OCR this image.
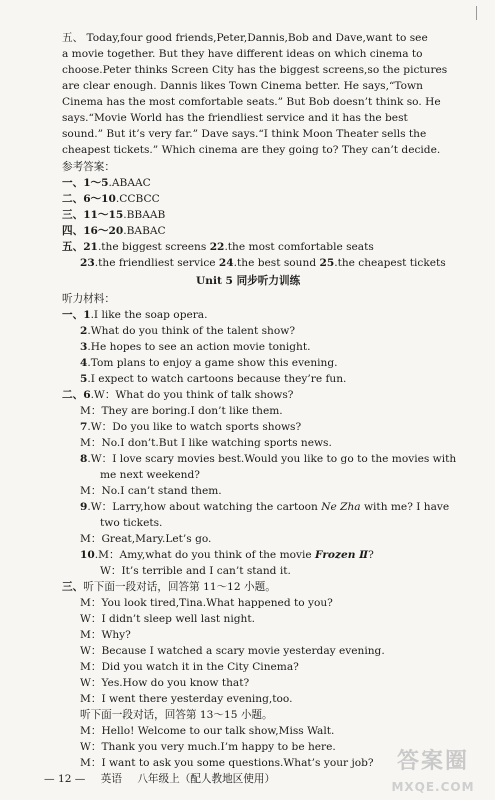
五、 Today,four good friends,Peter,Dannis,Bob and Dave,want to see
a movie together. But they have different ideas on which cinema to
choose.Peter thinks Screen City has the biggest screens,so the pictures
are clear enough. Dannis likes Town Cinema better. He says,“Town
Cinema has the most comfortable seats.” But Bob doesn’t think so. He
says.“Movie World has the friendliest service and it has the best
sound.” But it’s very far.” Dave says.“I think Moon Theater sells the
cheapest tickets.” Which cinema are they going to? They can’t decide.
参考答案：
一、1～5.ABAAC
二、6～10.CCBCC
三、11～15.BBAAB
四、16～20.BABAC
五、21.the biggest screens 22.the most comfortable seats
23.the friendliest service 24.the best sound 25.the cheapest tickets
Unit 5 同步听力训练
听力材料：
一、1.I like the soap opera.
2.What do you think of the talent show?
3.He hopes to see an action movie tonight.
4.Tom plans to enjoy a game show this evening.
5.I expect to watch cartoons because they’re fun.
二、6.W：What do you think of talk shows?
M：They are boring.I don’t like them.
7.W：Do you like to watch sports shows?
M：No.I don’t.But I like watching sports news.
8.W：I love scary movies best.Would you like to go to the movies with
me next weekend?
M：No.I can’t stand them.
9.W：Larry,how about watching the cartoon Ne Zha with me? I have
two tickets.
M：Great,Mary.Let’s go.
10.M：Amy,what do you think of the movie Frozen Ⅱ?
W：It’s terrible and I can’t stand it.
三、听下面一段对话，回答第 11～12 小题。
M：You look tired,Tina.What happened to you?
W：I didn’t sleep well last night.
M：Why?
W：Because I watched a scary movie yesterday evening.
M：Did you watch it in the City Cinema?
W：Yes.How do you know that?
M：I went there yesterday evening,too.
听下面一段对话，回答第 13～15 小题。
M：Hello! Welcome to our talk show,Miss Walt.
W：Thank you very much.I’m happy to be here.
M：I want to ask you some questions.What’s your job?
— 12 — 英语 八年级上（配人教地区使用）
答案圈
MXQE.COM
